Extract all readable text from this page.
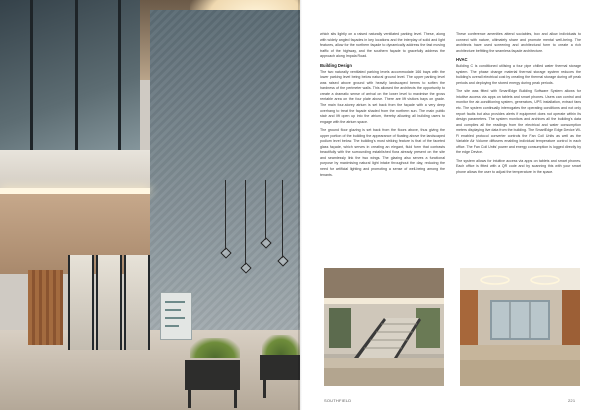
which sits lightly on a raised naturally ventilated parking level. These, along with widely angled façades in key locations and the interplay of solid and light features, allow for the northern façade to dynamically address the fast moving traffic of the highway, and the southern façade to gracefully address the approach along Impala Road.

Building Design

The two naturally ventilated parking levels accommodate 166 bays with the lower parking level being below natural ground level. The upper parking level was raised above ground with heavily landscaped berms to soften the hardness of the perimeter walls. This allowed the architects the opportunity to create a dramatic sense of arrival on the lower level to maximise the gross rentable area on the four plate above. There are lift visitors bays on grade. The main four-storey atrium is set back from the façade with a very deep overhang to treat the façade shaded from the northern sun. The main public stair and lift open up into the atrium, thereby allowing all building users to engage with the atrium space.

The ground floor glazing is set back from the floors above, thus giving the upper portion of the building the appearance of floating above the landscaped podium level below. The building's most striking feature is that of the faceted glass façade, which serves in creating an elegant, fluid form that contrasts beautifully with the surrounding established flora already present on the site and seamlessly link the two wings. The glazing also serves a functional purpose by maximising natural light intake throughout the day, reducing the need for artificial lighting and promoting a sense of well-being among the tenants.

These conference amenities attend sociables, box and allow individuals to connect with nature, ultimately share and promote mental well-being. The architects have used screening and architectural form to create a rich architecture befitting the seamless façade architecture.

HVAC

Building C is conditioned utilising a four pipe chilled water thermal storage system. The phase change material thermal storage system reduces the building's overall electrical cost by creating the thermal storage during off peak periods and deploying the stored energy during peak periods.

The site was fitted with SmartEdge Building Software System allows for intuitive access via apps on tablets and smart phones. Users can control and monitor the air-conditioning system, generators, UPS installation, extract fans etc. The system continually interrogates the operating conditions and not only report faults but also provides alerts if equipment does not operate within its design parameters. The system monitors and archives all the building's data and compiles all the readings from the electrical and water consumption meters displaying live data from the building. The SmartEdge Edge Device Wi-Fi enabled protocol converter controls the Fan Coil Units as well as the Variable Air Volume diffusers enabling individual temperature control in each office. The Fan Coil Units' power and energy consumption is logged directly by the edge Device.

The system allows for intuitive access via apps on tablets and smart phones. Each office is fitted with a QR code and by scanning this with your smart phone allows the user to adjust the temperature in the space.

SOUTHFIELD	221
